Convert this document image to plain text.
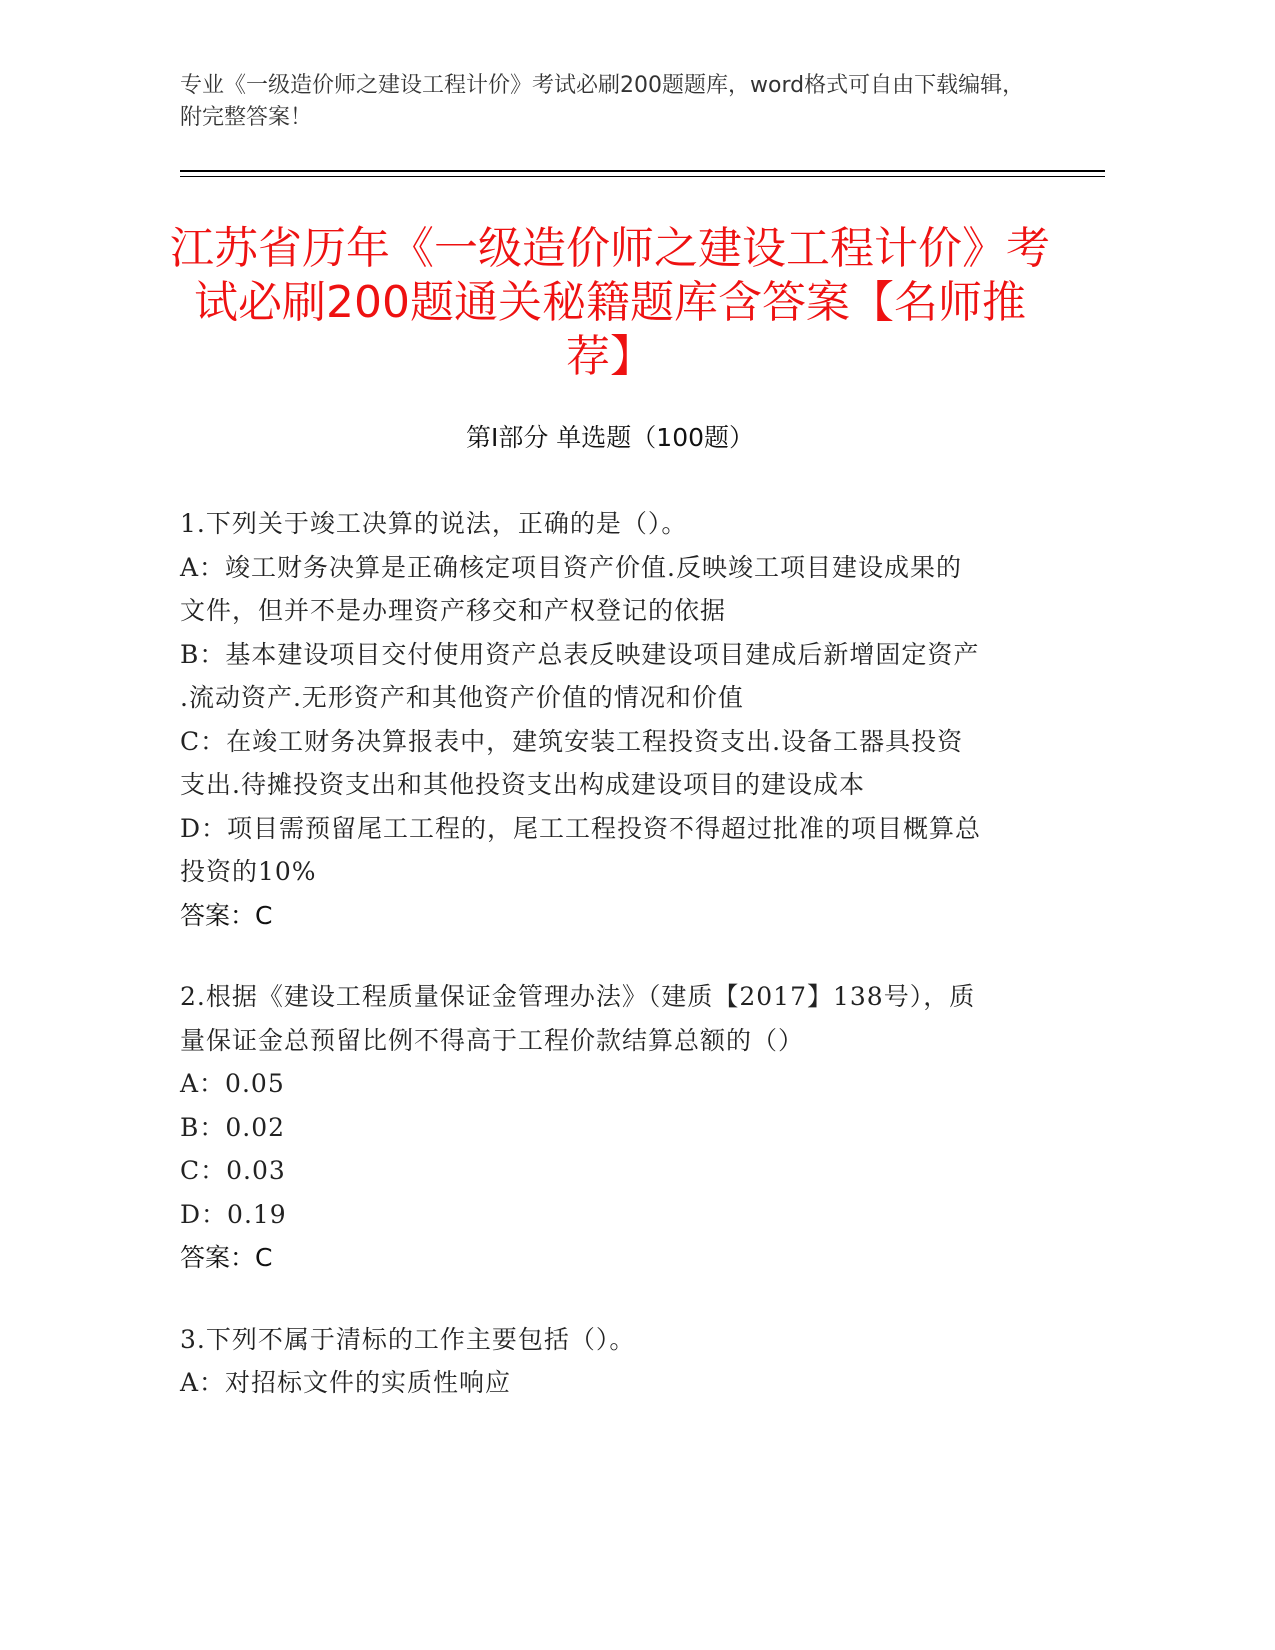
专业《一级造价师之建设工程计价》考试必刷200题题库，word格式可自由下载编辑，附完整答案！
江苏省历年《一级造价师之建设工程计价》考试必刷200题通关秘籍题库含答案【名师推荐】
第Ⅰ部分 单选题（100题）
1.下列关于竣工决算的说法，正确的是（）。
A：竣工财务决算是正确核定项目资产价值.反映竣工项目建设成果的
文件，但并不是办理资产移交和产权登记的依据
B：基本建设项目交付使用资产总表反映建设项目建成后新增固定资产
.流动资产.无形资产和其他资产价值的情况和价值
C：在竣工财务决算报表中，建筑安装工程投资支出.设备工器具投资
支出.待摊投资支出和其他投资支出构成建设项目的建设成本
D：项目需预留尾工工程的，尾工工程投资不得超过批准的项目概算总
投资的10%
答案：C
2.根据《建设工程质量保证金管理办法》（建质【2017】138号），质
量保证金总预留比例不得高于工程价款结算总额的（）
A：0.05
B：0.02
C：0.03
D：0.19
答案：C
3.下列不属于清标的工作主要包括（）。
A：对招标文件的实质性响应
